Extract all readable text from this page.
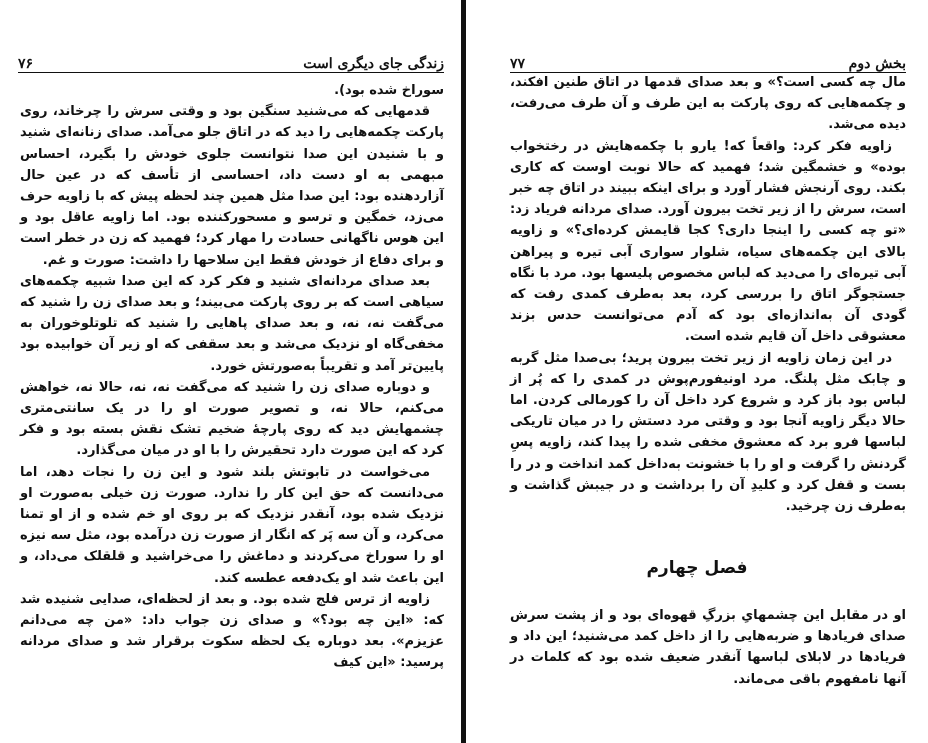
۷۶	زندگی جای دیگری است

سوراخ شده بود).

قدمهایی که می‌شنید سنگین بود و وقتی سرش را چرخاند، روی پارکت چکمه‌هایی را دید که در اتاق جلو می‌آمد. صدای زنانه‌ای شنید و با شنیدن این صدا نتوانست جلوی خودش را بگیرد، احساس مبهمی به او دست داد، احساسی از تأسف که در عین حال آزاردهنده بود: این صدا مثل همین چند لحظه پیش که با زاویه حرف می‌زد، خمگین و ترسو و مسحورکننده بود. اما زاویه عاقل بود و این هوس ناگهانی حسادت را مهار کرد؛ فهمید که زن در خطر است و برای دفاع از خودش فقط این سلاحها را داشت: صورت و غم.

بعد صدای مردانه‌ای شنید و فکر کرد که این صدا شبیه چکمه‌های سیاهی است که بر روی پارکت می‌بیند؛ و بعد صدای زن را شنید که می‌گفت نه، نه، و بعد صدای پاهایی را شنید که تلوتلوخوران به مخفی‌گاه او نزدیک می‌شد و بعد سقفی که او زیر آن خوابیده بود پایین‌تر آمد و تقریباً به‌صورتش خورد.

و دوباره صدای زن را شنید که می‌گفت نه، نه، حالا نه، خواهش می‌کنم، حالا نه، و تصویر صورت او را در یک سانتی‌متری چشمهایش دید که روی پارچهٔ ضخیم تشک نقش بسته بود و فکر کرد که این صورت دارد تحقیرش را با او در میان می‌گذارد.

می‌خواست در تابوتش بلند شود و این زن را نجات دهد، اما می‌دانست که حق این کار را ندارد. صورت زن خیلی به‌صورت او نزدیک شده بود، آنقدر نزدیک که بر روی او خم شده و از او تمنا می‌کرد، و آن سه پَر که انگار از صورت زن درآمده بود، مثل سه نیزه او را سوراخ می‌کردند و دماغش را می‌خراشید و قلقلک می‌داد، و این باعث شد او یک‌دفعه عطسه کند.

زاویه از ترس فلج شده بود. و بعد از لحظه‌ای، صدایی شنیده شد که: «این چه بود؟» و صدای زن جواب داد: «من چه می‌دانم عزیزم». بعد دوباره یک لحظه سکوت برقرار شد و صدای مردانه پرسید: «این کیف

۷۷	بخش دوم

مال چه کسی است؟» و بعد صدای قدمها در اتاق طنین افکند، و چکمه‌هایی که روی پارکت به این طرف و آن طرف می‌رفت، دیده می‌شد.

زاویه فکر کرد: واقعاً که! یارو با چکمه‌هایش در رختخواب بوده» و خشمگین شد؛ فهمید که حالا نوبت اوست که کاری بکند. روی آرنجش فشار آورد و برای اینکه ببیند در اتاق چه خبر است، سرش را از زیر تخت بیرون آورد. صدای مردانه فریاد زد: «تو چه کسی را اینجا داری؟ کجا قایمش کرده‌ای؟» و زاویه بالای این چکمه‌های سیاه، شلوار سواری آبی تیره و پیراهن آبی تیره‌ای را می‌دید که لباس مخصوص پلیسها بود. مرد با نگاه جستجوگر اتاق را بررسی کرد، بعد به‌طرف کمدی رفت که گودی آن به‌اندازه‌ای بود که آدم می‌توانست حدس بزند معشوقی داخل آن قایم شده است.

در این زمان زاویه از زیر تخت بیرون پرید؛ بی‌صدا مثل گربه و چابک مثل پلنگ. مرد اونیفورم‌پوش در کمدی را که پُر از لباس بود باز کرد و شروع کرد داخل آن را کورمالی کردن. اما حالا دیگر زاویه آنجا بود و وقتی مرد دستش را در میان تاریکی لباسها فرو برد که معشوق مخفی شده را پیدا کند، زاویه پسِ گردنش را گرفت و او را با خشونت به‌داخل کمد انداخت و در را بست و قفل کرد و کلیدِ آن را برداشت و در جیبش گذاشت و به‌طرف زن چرخید.

فصل چهارم

او در مقابل این چشمهایِ بزرگِ قهوه‌ای بود و از پشت سرش صدای فریادها و ضربه‌هایی را از داخل کمد می‌شنید؛ این داد و فریادها در لابلای لباسها آنقدر ضعیف شده بود که کلمات در آنها نامفهوم باقی می‌ماند.
